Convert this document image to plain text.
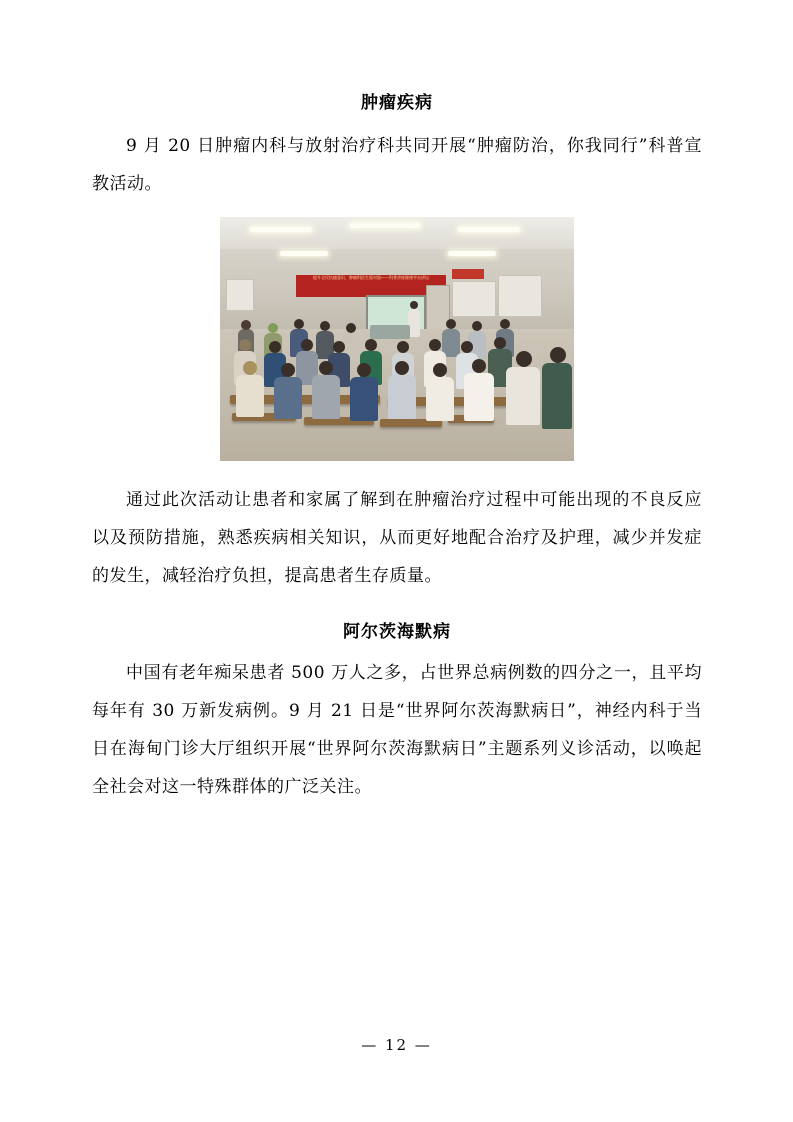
肿瘤疾病

9 月 20 日肿瘤内科与放射治疗科共同开展“肿瘤防治，你我同行”科普宣教活动。

提升全民抗癌意识，肿瘤科医生面对面——科普讲座健康平台讲坛

通过此次活动让患者和家属了解到在肿瘤治疗过程中可能出现的不良反应以及预防措施，熟悉疾病相关知识，从而更好地配合治疗及护理，减少并发症的发生，减轻治疗负担，提高患者生存质量。

阿尔茨海默病

中国有老年痴呆患者 500 万人之多，占世界总病例数的四分之一，且平均每年有 30 万新发病例。9 月 21 日是“世界阿尔茨海默病日”，神经内科于当日在海甸门诊大厅组织开展“世界阿尔茨海默病日”主题系列义诊活动，以唤起全社会对这一特殊群体的广泛关注。

— 12 —
